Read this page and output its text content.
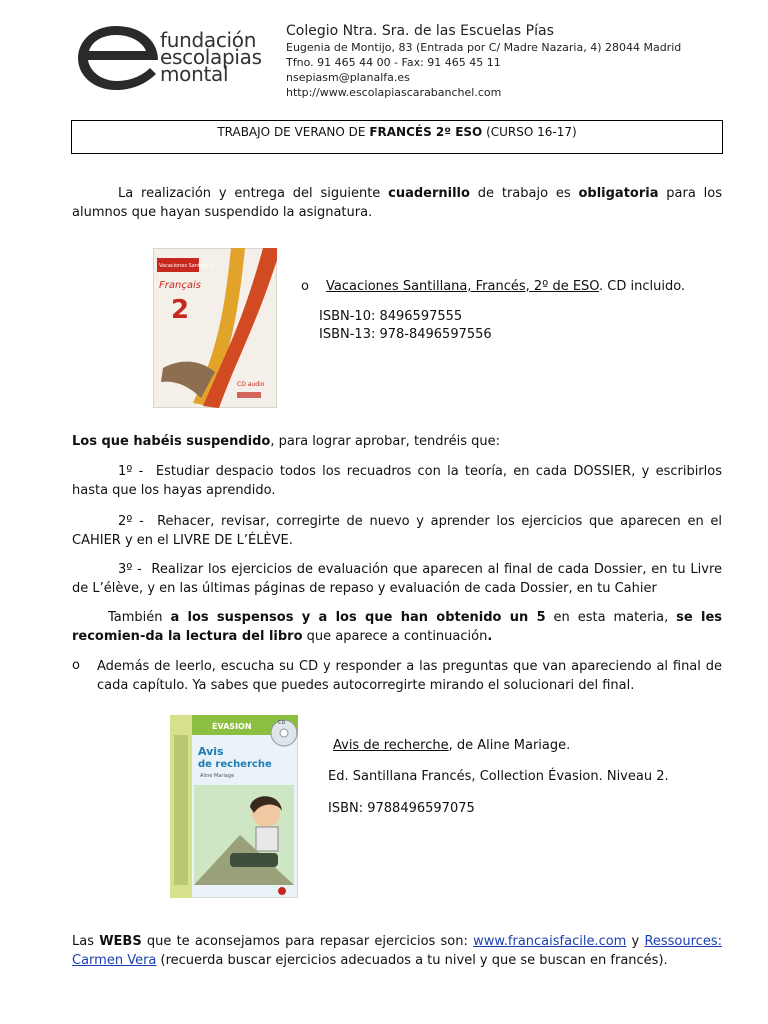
fundación
escolapias
montal
Colegio Ntra. Sra. de las Escuelas Pías
Eugenia de Montijo, 83 (Entrada por C/ Madre Nazaria, 4) 28044 Madrid
Tfno. 91 465 44 00 - Fax: 91 465 45 11
nsepiasm@planalfa.es
http://www.escolapiascarabanchel.com
TRABAJO DE VERANO DE FRANCÉS 2º ESO (CURSO 16-17)

La realización y entrega del siguiente cuadernillo de trabajo es obligatoria para los alumnos que hayan suspendido la asignatura.

Vacaciones Santillana
Français
2
CD audio
o Vacaciones Santillana, Francés, 2º de ESO. CD incluido.

ISBN-10: 8496597555

ISBN-13: 978-8496597556

Los que habéis suspendido, para lograr aprobar, tendréis que:

1º - Estudiar despacio todos los recuadros con la teoría, en cada DOSSIER, y escribirlos hasta que los hayas aprendido.

2º - Rehacer, revisar, corregirte de nuevo y aprender los ejercicios que aparecen en el CAHIER y en el LIVRE DE L’ÉLÈVE.

3º - Realizar los ejercicios de evaluación que aparecen al final de cada Dossier, en tu Livre de L’élève, y en las últimas páginas de repaso y evaluación de cada Dossier, en tu Cahier

También a los suspensos y a los que han obtenido un 5 en esta materia, se les recomien-da la lectura del libro que aparece a continuación.

o Además de leerlo, escucha su CD y responder a las preguntas que van apareciendo al final de cada capítulo. Ya sabes que puedes autocorregirte mirando el solucionari del final.

ÉVASION	CD
Avis
de recherche
Aline Mariage

Avis de recherche, de Aline Mariage.

Ed. Santillana Francés, Collection Évasion. Niveau 2.

ISBN: 9788496597075

Las WEBS que te aconsejamos para repasar ejercicios son: www.francaisfacile.com y Ressources: Carmen Vera (recuerda buscar ejercicios adecuados a tu nivel y que se buscan en francés).
